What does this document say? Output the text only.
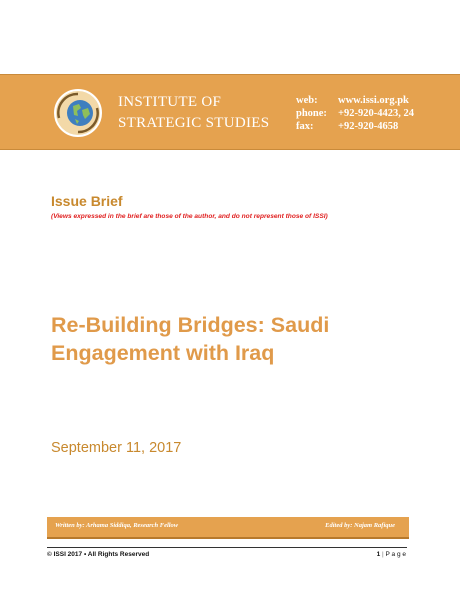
INSTITUTE OF
STRATEGIC STUDIES
web:	www.issi.org.pk
phone:	+92-920-4423, 24
fax:	+92-920-4658
Issue Brief
(Views expressed in the brief are those of the author, and do not represent those of ISSI)
Re-Building Bridges: Saudi
Engagement with Iraq
September 11, 2017
Written by: Arhama Siddiqa, Research Fellow	Edited by: Najam Rafique
© ISSI 2017 • All Rights Reserved	1 | P a g e
